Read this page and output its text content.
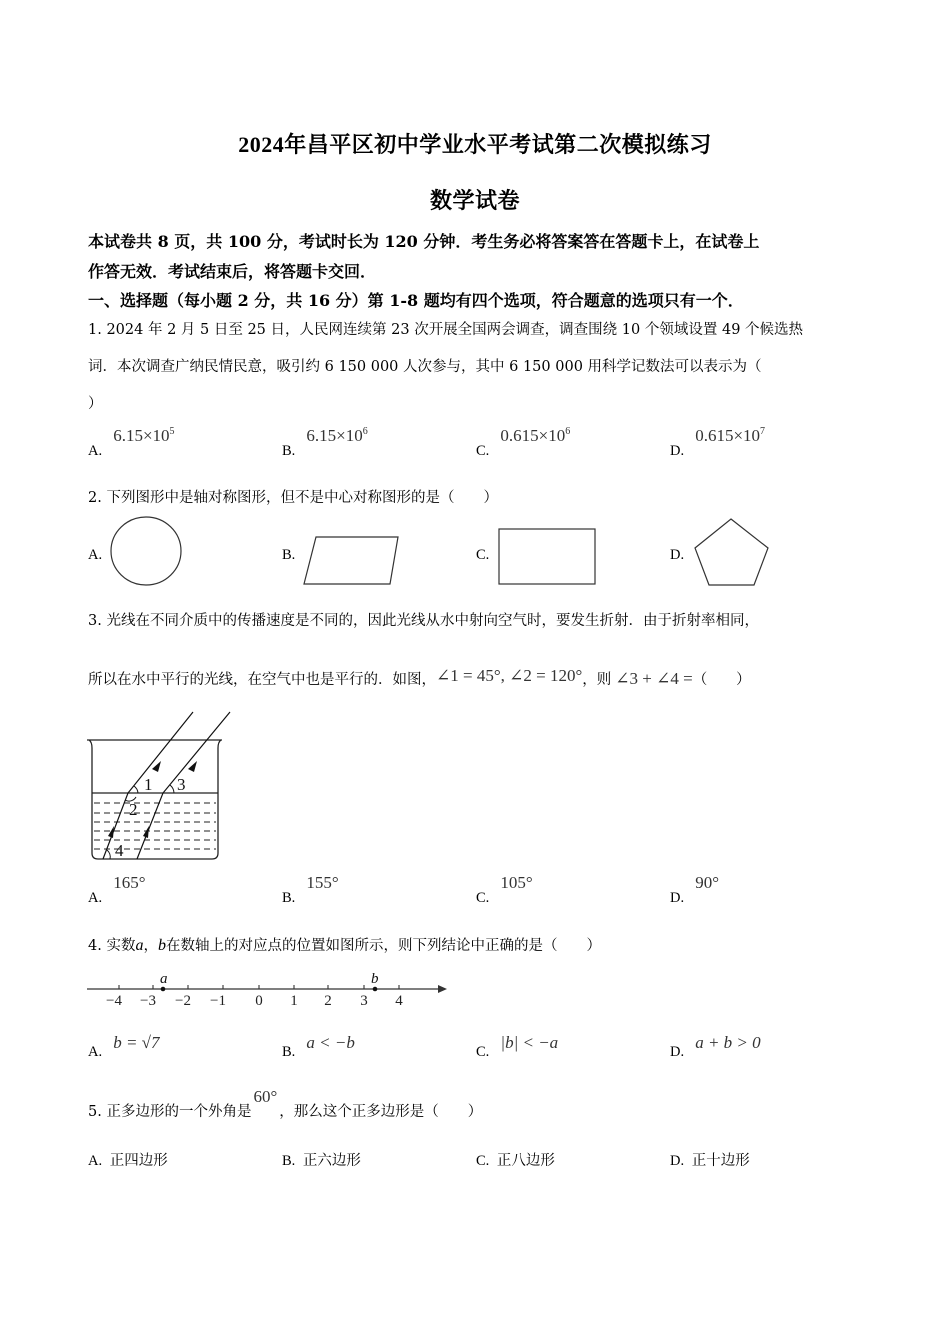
2024年昌平区初中学业水平考试第二次模拟练习
数学试卷
本试卷共 8 页，共 100 分，考试时长为 120 分钟．考生务必将答案答在答题卡上，在试卷上
作答无效．考试结束后，将答题卡交回．
一、选择题（每小题 2 分，共 16 分）第 1-8 题均有四个选项，符合题意的选项只有一个．
1. 2024 年 2 月 5 日至 25 日，人民网连续第 23 次开展全国两会调查，调查围绕 10 个领域设置 49 个候选热
词．本次调查广纳民情民意，吸引约 6 150 000 人次参与，其中 6 150 000 用科学记数法可以表示为（
）
A. $6.15\times 10^5$
B. $6.15\times 10^6$
C. $0.615\times 10^6$
D. $0.615\times 10^7$
2. 下列图形中是轴对称图形，但不是中心对称图形的是（　　）
A.	B.	C.	D.
3. 光线在不同介质中的传播速度是不同的，因此光线从水中射向空气时，要发生折射．由于折射率相同，
所以在水中平行的光线，在空气中也是平行的．如图，∠1 = 45°, ∠2 = 120°，则 ∠3 + ∠4 =（　　）
1
2
3
4
A. 165°
B. 155°
C. 105°
D. 90°
4. 实数a，b在数轴上的对应点的位置如图所示，则下列结论中正确的是（　　）
−4 −3 −2 −1 0 1 2 3 4
a	b
A. b = √7	B. a < −b	C. |b| < −a	D. a + b > 0
5. 正多边形的一个外角是60°，那么这个正多边形是（　　）
A. 正四边形	B. 正六边形	C. 正八边形	D. 正十边形
